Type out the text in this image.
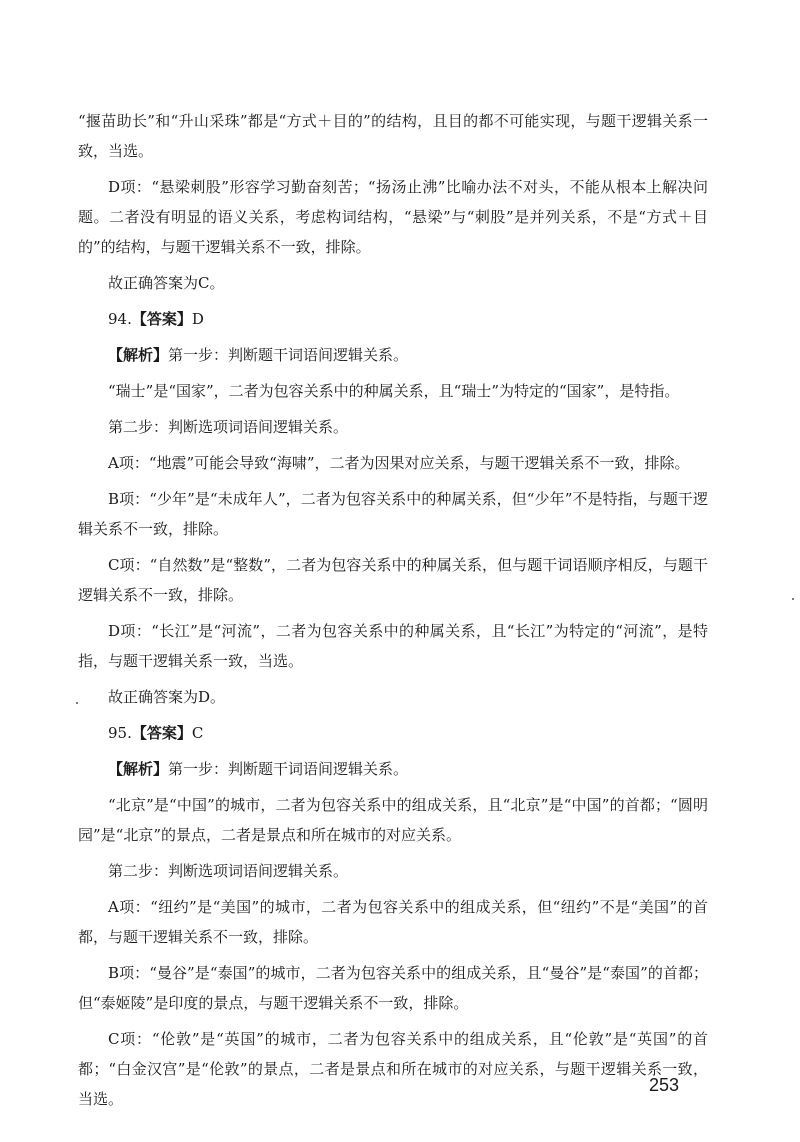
“揠苗助长”和“升山采珠”都是“方式＋目的”的结构，且目的都不可能实现，与题干逻辑关系一致，当选。

D项：“悬梁刺股”形容学习勤奋刻苦；“扬汤止沸”比喻办法不对头，不能从根本上解决问题。二者没有明显的语义关系，考虑构词结构，“悬梁”与“刺股”是并列关系，不是“方式＋目的”的结构，与题干逻辑关系不一致，排除。

故正确答案为C。

94.【答案】D

【解析】第一步：判断题干词语间逻辑关系。

“瑞士”是“国家”，二者为包容关系中的种属关系，且“瑞士”为特定的“国家”，是特指。

第二步：判断选项词语间逻辑关系。

A项：“地震”可能会导致“海啸”，二者为因果对应关系，与题干逻辑关系不一致，排除。

B项：“少年”是“未成年人”，二者为包容关系中的种属关系，但“少年”不是特指，与题干逻辑关系不一致，排除。

C项：“自然数”是“整数”，二者为包容关系中的种属关系，但与题干词语顺序相反，与题干逻辑关系不一致，排除。

D项：“长江”是“河流”，二者为包容关系中的种属关系，且“长江”为特定的“河流”，是特指，与题干逻辑关系一致，当选。

故正确答案为D。

95.【答案】C

【解析】第一步：判断题干词语间逻辑关系。

“北京”是“中国”的城市，二者为包容关系中的组成关系，且“北京”是“中国”的首都；“圆明园”是“北京”的景点，二者是景点和所在城市的对应关系。

第二步：判断选项词语间逻辑关系。

A项：“纽约”是“美国”的城市，二者为包容关系中的组成关系，但“纽约”不是“美国”的首都，与题干逻辑关系不一致，排除。

B项：“曼谷”是“泰国”的城市，二者为包容关系中的组成关系，且“曼谷”是“泰国”的首都；但“泰姬陵”是印度的景点，与题干逻辑关系不一致，排除。

C项：“伦敦”是“英国”的城市，二者为包容关系中的组成关系，且“伦敦”是“英国”的首都；“白金汉宫”是“伦敦”的景点，二者是景点和所在城市的对应关系，与题干逻辑关系一致，当选。

253
